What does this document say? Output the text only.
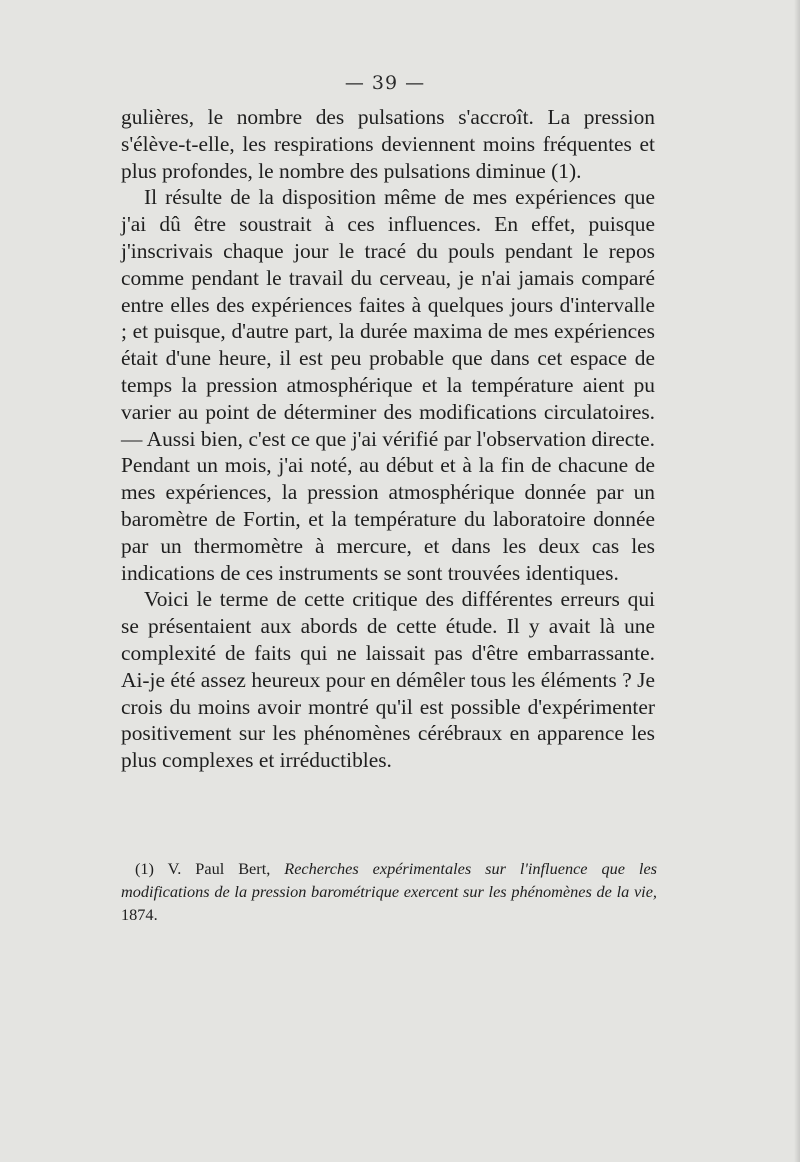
— 39 —

gulières, le nombre des pulsations s'accroît. La pression s'élève-t-elle, les respirations deviennent moins fréquentes et plus profondes, le nombre des pulsations diminue (1).

Il résulte de la disposition même de mes expériences que j'ai dû être soustrait à ces influences. En effet, puisque j'inscrivais chaque jour le tracé du pouls pendant le repos comme pendant le travail du cerveau, je n'ai jamais comparé entre elles des expériences faites à quelques jours d'intervalle ; et puisque, d'autre part, la durée maxima de mes expériences était d'une heure, il est peu probable que dans cet espace de temps la pression atmosphérique et la température aient pu varier au point de déterminer des modifications circulatoires. — Aussi bien, c'est ce que j'ai vérifié par l'observation directe. Pendant un mois, j'ai noté, au début et à la fin de chacune de mes expériences, la pression atmosphérique donnée par un baromètre de Fortin, et la température du laboratoire donnée par un thermomètre à mercure, et dans les deux cas les indications de ces instruments se sont trouvées identiques.

Voici le terme de cette critique des différentes erreurs qui se présentaient aux abords de cette étude. Il y avait là une complexité de faits qui ne laissait pas d'être embarrassante. Ai-je été assez heureux pour en démêler tous les éléments ? Je crois du moins avoir montré qu'il est possible d'expérimenter positivement sur les phénomènes cérébraux en apparence les plus complexes et irréductibles.

(1) V. Paul Bert, Recherches expérimentales sur l'influence que les modifications de la pression barométrique exercent sur les phénomènes de la vie, 1874.
